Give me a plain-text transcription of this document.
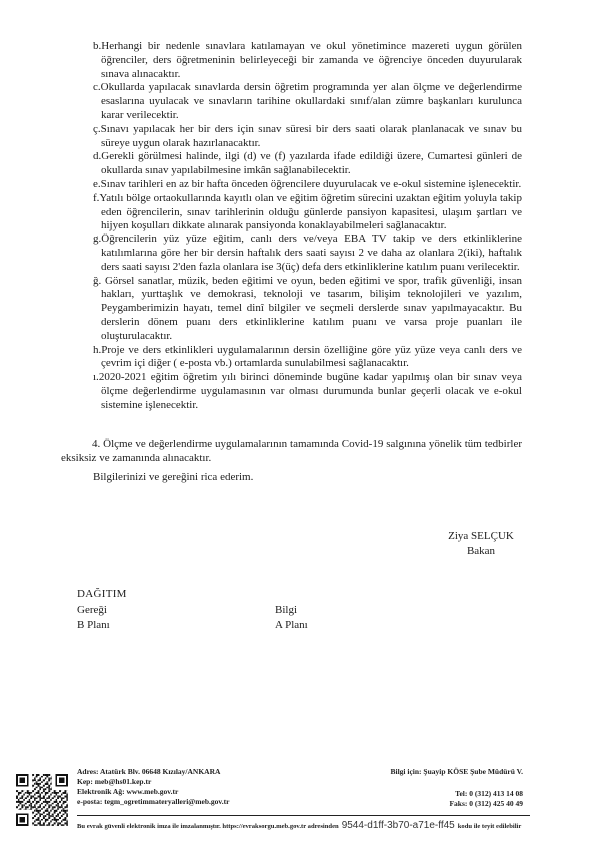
b.Herhangi bir nedenle sınavlara katılamayan ve okul yönetimince mazereti uygun görülen öğrenciler, ders öğretmeninin belirleyeceği bir zamanda ve öğrenciye önceden duyurularak sınava alınacaktır.

c.Okullarda yapılacak sınavlarda dersin öğretim programında yer alan ölçme ve değerlendirme esaslarına uyulacak ve sınavların tarihine okullardaki sınıf/alan zümre başkanları kurulunca karar verilecektir.

ç.Sınavı yapılacak her bir ders için sınav süresi bir ders saati olarak planlanacak ve sınav bu süreye uygun olarak hazırlanacaktır.

d.Gerekli görülmesi halinde, ilgi (d) ve (f) yazılarda ifade edildiği üzere, Cumartesi günleri de okullarda sınav yapılabilmesine imkân sağlanabilecektir.

e.Sınav tarihleri en az bir hafta önceden öğrencilere duyurulacak ve e-okul sistemine işlenecektir.

f.Yatılı bölge ortaokullarında kayıtlı olan ve eğitim öğretim sürecini uzaktan eğitim yoluyla takip eden öğrencilerin, sınav tarihlerinin olduğu günlerde pansiyon kapasitesi, ulaşım şartları ve hijyen koşulları dikkate alınarak pansiyonda konaklayabilmeleri sağlanacaktır.

g.Öğrencilerin yüz yüze eğitim, canlı ders ve/veya EBA TV takip ve ders etkinliklerine katılımlarına göre her bir dersin haftalık ders saati sayısı 2 ve daha az olanlara 2(iki), haftalık ders saati sayısı 2'den fazla olanlara ise 3(üç) defa ders etkinliklerine katılım puanı verilecektir.

ğ. Görsel sanatlar, müzik, beden eğitimi ve oyun, beden eğitimi ve spor, trafik güvenliği, insan hakları, yurttaşlık ve demokrasi, teknoloji ve tasarım, bilişim teknolojileri ve yazılım, Peygamberimizin hayatı, temel dinî bilgiler ve seçmeli derslerde sınav yapılmayacaktır. Bu derslerin dönem puanı ders etkinliklerine katılım puanı ve varsa proje puanları ile oluşturulacaktır.

h.Proje ve ders etkinlikleri uygulamalarının dersin özelliğine göre yüz yüze veya canlı ders ve çevrim içi diğer ( e-posta vb.) ortamlarda sunulabilmesi sağlanacaktır.

ı.2020-2021 eğitim öğretim yılı birinci döneminde bugüne kadar yapılmış olan bir sınav veya ölçme değerlendirme uygulamasının var olması durumunda bunlar geçerli olacak ve e-okul sistemine işlenecektir.

4. Ölçme ve değerlendirme uygulamalarının tamamında Covid-19 salgınına yönelik tüm tedbirler eksiksiz ve zamanında alınacaktır.

Bilgilerinizi ve gereğini rica ederim.

Ziya SELÇUK
Bakan
DAĞITIM
Gereği	Bilgi
B Planı	A Planı
Adres: Atatürk Blv. 06648 Kızılay/ANKARA
Kep: meb@hs01.kep.tr
Elektronik Ağ: www.meb.gov.tr
e-posta: tegm_ogretimmateryalleri@meb.gov.tr
Bilgi için: Şuayip KÖSE Şube Müdürü V.
Tel: 0 (312) 413 14 08
Faks: 0 (312) 425 40 49
Bu evrak güvenli elektronik imza ile imzalanmıştır. https://evraksorgu.meb.gov.tr adresinden 9544-d1ff-3b70-a71e-ff45 kodu ile teyit edilebilir
